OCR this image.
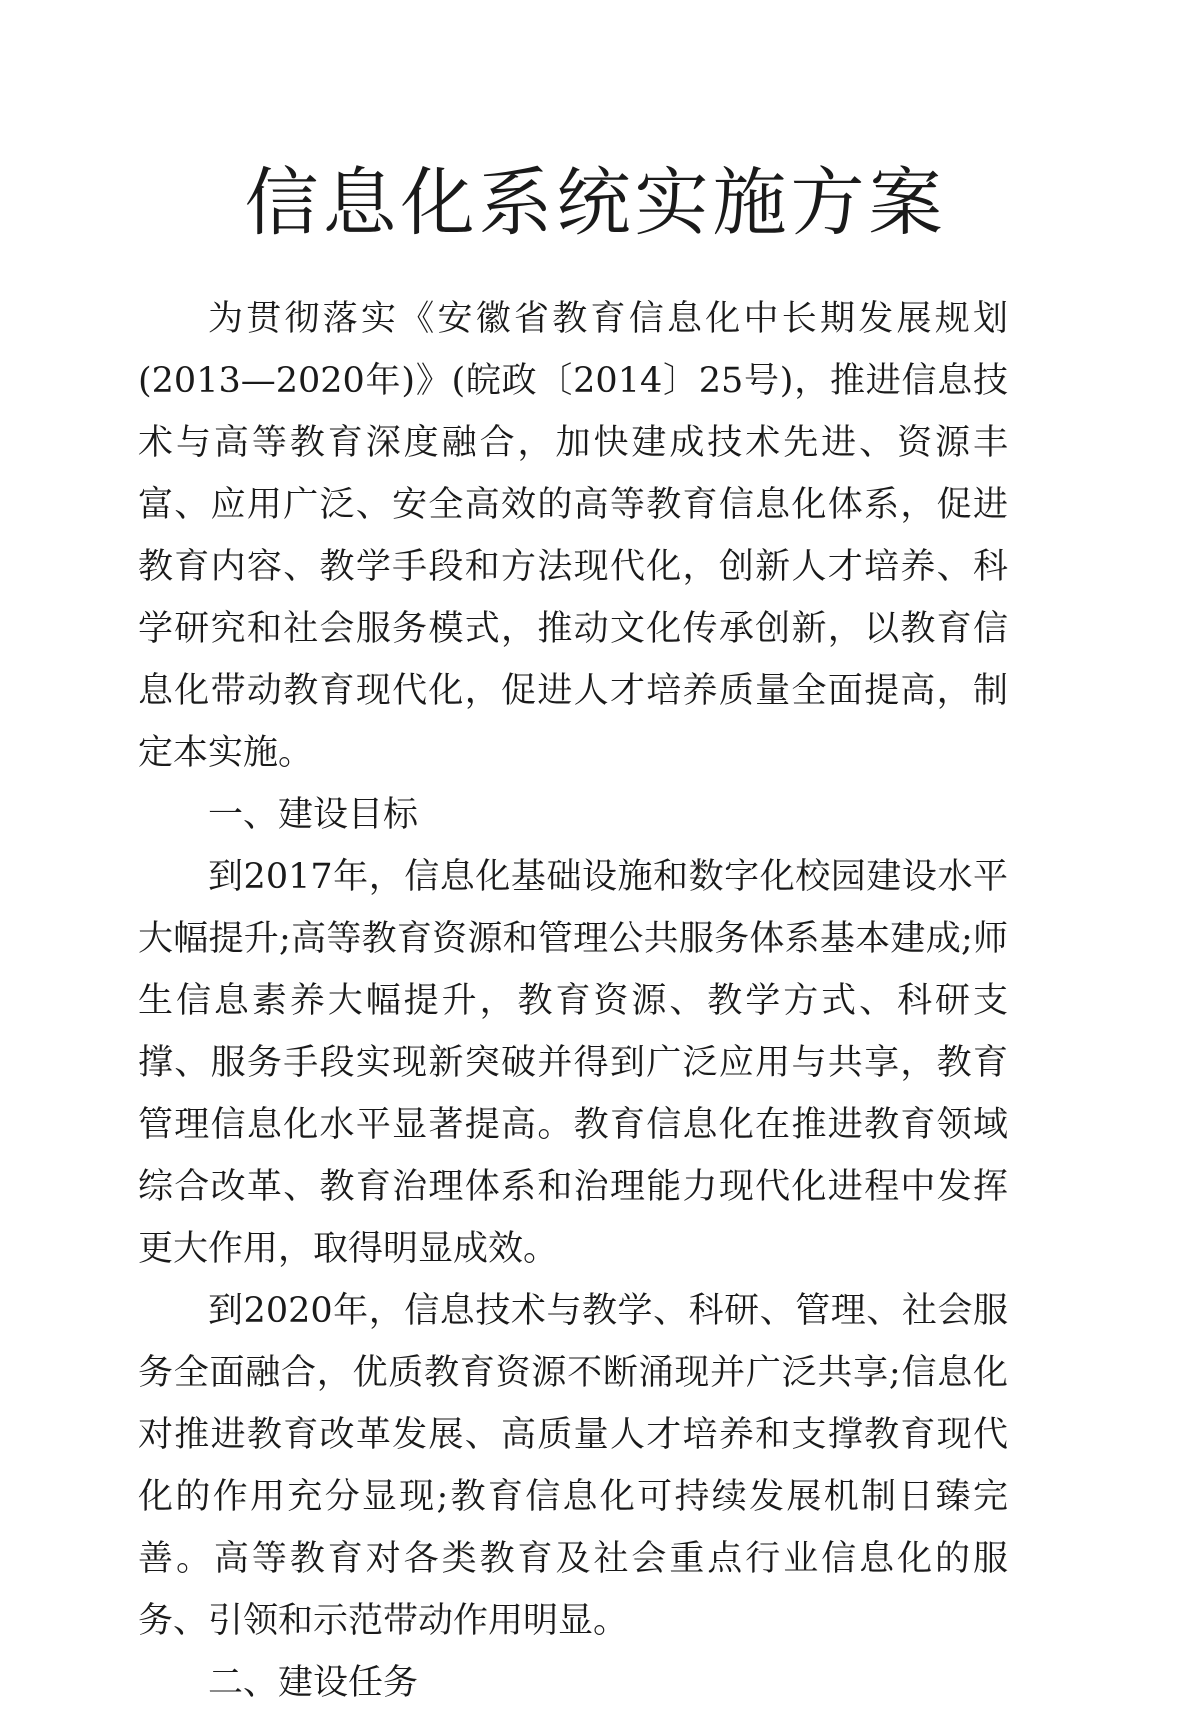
信息化系统实施方案

为贯彻落实《安徽省教育信息化中长期发展规划(2013—2020年)》(皖政〔2014〕25号)，推进信息技术与高等教育深度融合，加快建成技术先进、资源丰富、应用广泛、安全高效的高等教育信息化体系，促进教育内容、教学手段和方法现代化，创新人才培养、科学研究和社会服务模式，推动文化传承创新，以教育信息化带动教育现代化，促进人才培养质量全面提高，制定本实施。

一、建设目标

到2017年，信息化基础设施和数字化校园建设水平大幅提升;高等教育资源和管理公共服务体系基本建成;师生信息素养大幅提升，教育资源、教学方式、科研支撑、服务手段实现新突破并得到广泛应用与共享，教育管理信息化水平显著提高。教育信息化在推进教育领域综合改革、教育治理体系和治理能力现代化进程中发挥更大作用，取得明显成效。

到2020年，信息技术与教学、科研、管理、社会服务全面融合，优质教育资源不断涌现并广泛共享;信息化对推进教育改革发展、高质量人才培养和支撑教育现代化的作用充分显现;教育信息化可持续发展机制日臻完善。高等教育对各类教育及社会重点行业信息化的服务、引领和示范带动作用明显。

二、建设任务
